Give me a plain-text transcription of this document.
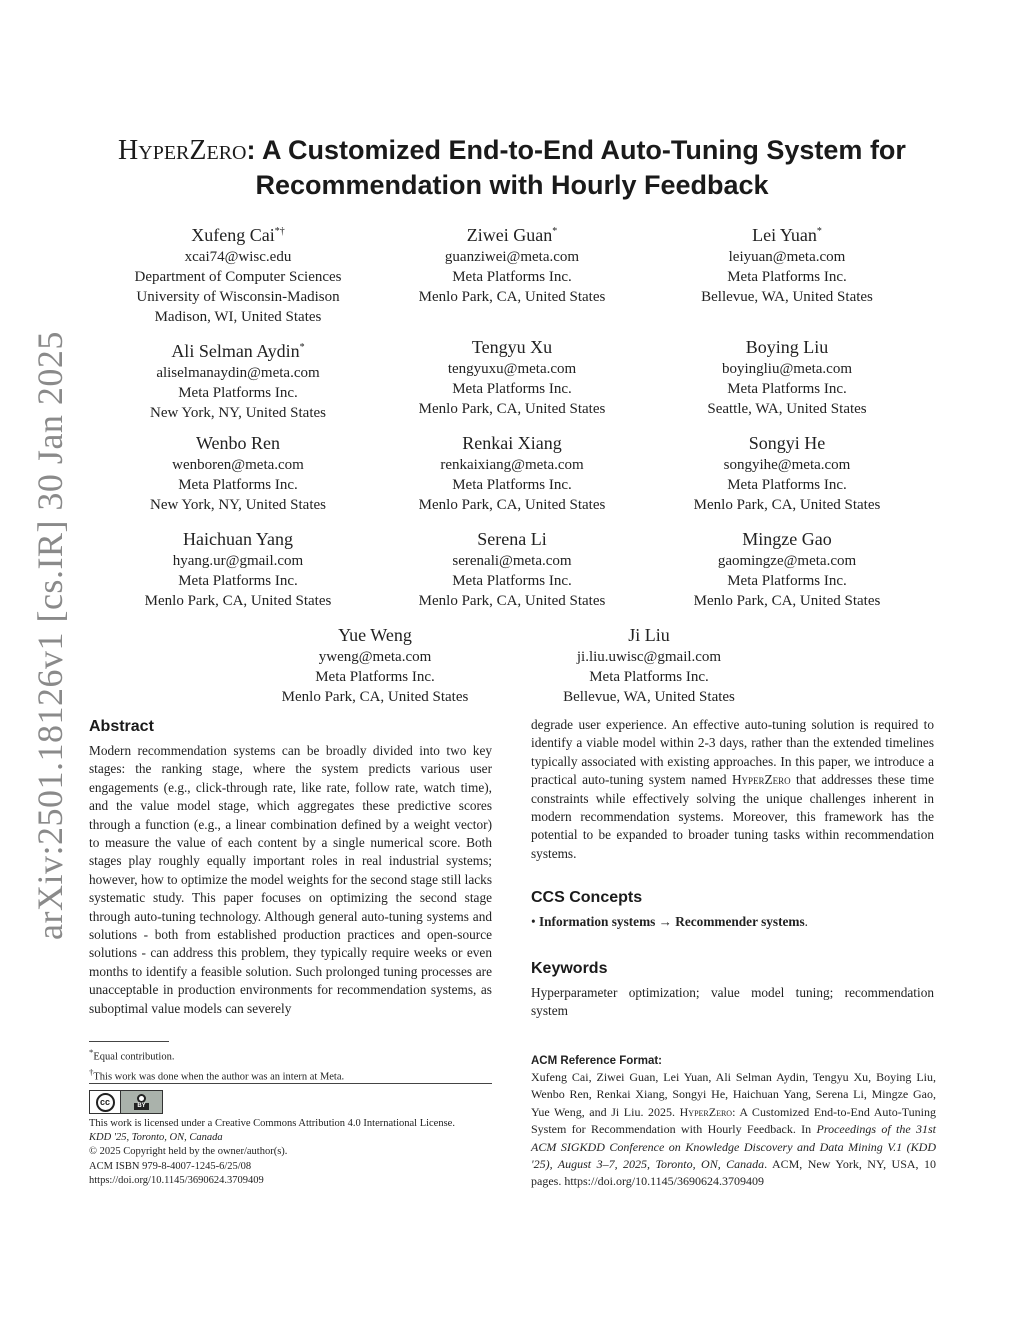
arXiv:2501.18126v1 [cs.IR] 30 Jan 2025
HyperZero: A Customized End-to-End Auto-Tuning System for
Recommendation with Hourly Feedback
Xufeng Cai*†
xcai74@wisc.edu
Department of Computer Sciences
University of Wisconsin-Madison
Madison, WI, United States
Ziwei Guan*
guanziwei@meta.com
Meta Platforms Inc.
Menlo Park, CA, United States
Lei Yuan*
leiyuan@meta.com
Meta Platforms Inc.
Bellevue, WA, United States
Ali Selman Aydin*
aliselmanaydin@meta.com
Meta Platforms Inc.
New York, NY, United States
Tengyu Xu
tengyuxu@meta.com
Meta Platforms Inc.
Menlo Park, CA, United States
Boying Liu
boyingliu@meta.com
Meta Platforms Inc.
Seattle, WA, United States
Wenbo Ren
wenboren@meta.com
Meta Platforms Inc.
New York, NY, United States
Renkai Xiang
renkaixiang@meta.com
Meta Platforms Inc.
Menlo Park, CA, United States
Songyi He
songyihe@meta.com
Meta Platforms Inc.
Menlo Park, CA, United States
Haichuan Yang
hyang.ur@gmail.com
Meta Platforms Inc.
Menlo Park, CA, United States
Serena Li
serenali@meta.com
Meta Platforms Inc.
Menlo Park, CA, United States
Mingze Gao
gaomingze@meta.com
Meta Platforms Inc.
Menlo Park, CA, United States
Yue Weng
yweng@meta.com
Meta Platforms Inc.
Menlo Park, CA, United States
Ji Liu
ji.liu.uwisc@gmail.com
Meta Platforms Inc.
Bellevue, WA, United States
Abstract

Modern recommendation systems can be broadly divided into two key stages: the ranking stage, where the system predicts various user engagements (e.g., click-through rate, like rate, follow rate, watch time), and the value model stage, which aggregates these predictive scores through a function (e.g., a linear combination defined by a weight vector) to measure the value of each content by a single numerical score. Both stages play roughly equally important roles in real industrial systems; however, how to optimize the model weights for the second stage still lacks systematic study. This paper focuses on optimizing the second stage through auto-tuning technology. Although general auto-tuning systems and solutions - both from established production practices and open-source solutions - can address this problem, they typically require weeks or even months to identify a feasible solution. Such prolonged tuning processes are unacceptable in production environments for recommendation systems, as suboptimal value models can severely

degrade user experience. An effective auto-tuning solution is required to identify a viable model within 2-3 days, rather than the extended timelines typically associated with existing approaches. In this paper, we introduce a practical auto-tuning system named HyperZero that addresses these time constraints while effectively solving the unique challenges inherent in modern recommendation systems. Moreover, this framework has the potential to be expanded to broader tuning tasks within recommendation systems.

CCS Concepts

• Information systems → Recommender systems.

Keywords

Hyperparameter optimization; value model tuning; recommendation system

*Equal contribution.
†This work was done when the author was an intern at Meta.
cc	BY
This work is licensed under a Creative Commons Attribution 4.0 International License.
KDD '25, Toronto, ON, Canada
© 2025 Copyright held by the owner/author(s).
ACM ISBN 979-8-4007-1245-6/25/08
https://doi.org/10.1145/3690624.3709409
ACM Reference Format:

Xufeng Cai, Ziwei Guan, Lei Yuan, Ali Selman Aydin, Tengyu Xu, Boying Liu, Wenbo Ren, Renkai Xiang, Songyi He, Haichuan Yang, Serena Li, Mingze Gao, Yue Weng, and Ji Liu. 2025. HyperZero: A Customized End-to-End Auto-Tuning System for Recommendation with Hourly Feedback. In Proceedings of the 31st ACM SIGKDD Conference on Knowledge Discovery and Data Mining V.1 (KDD '25), August 3–7, 2025, Toronto, ON, Canada. ACM, New York, NY, USA, 10 pages. https://doi.org/10.1145/3690624.3709409
